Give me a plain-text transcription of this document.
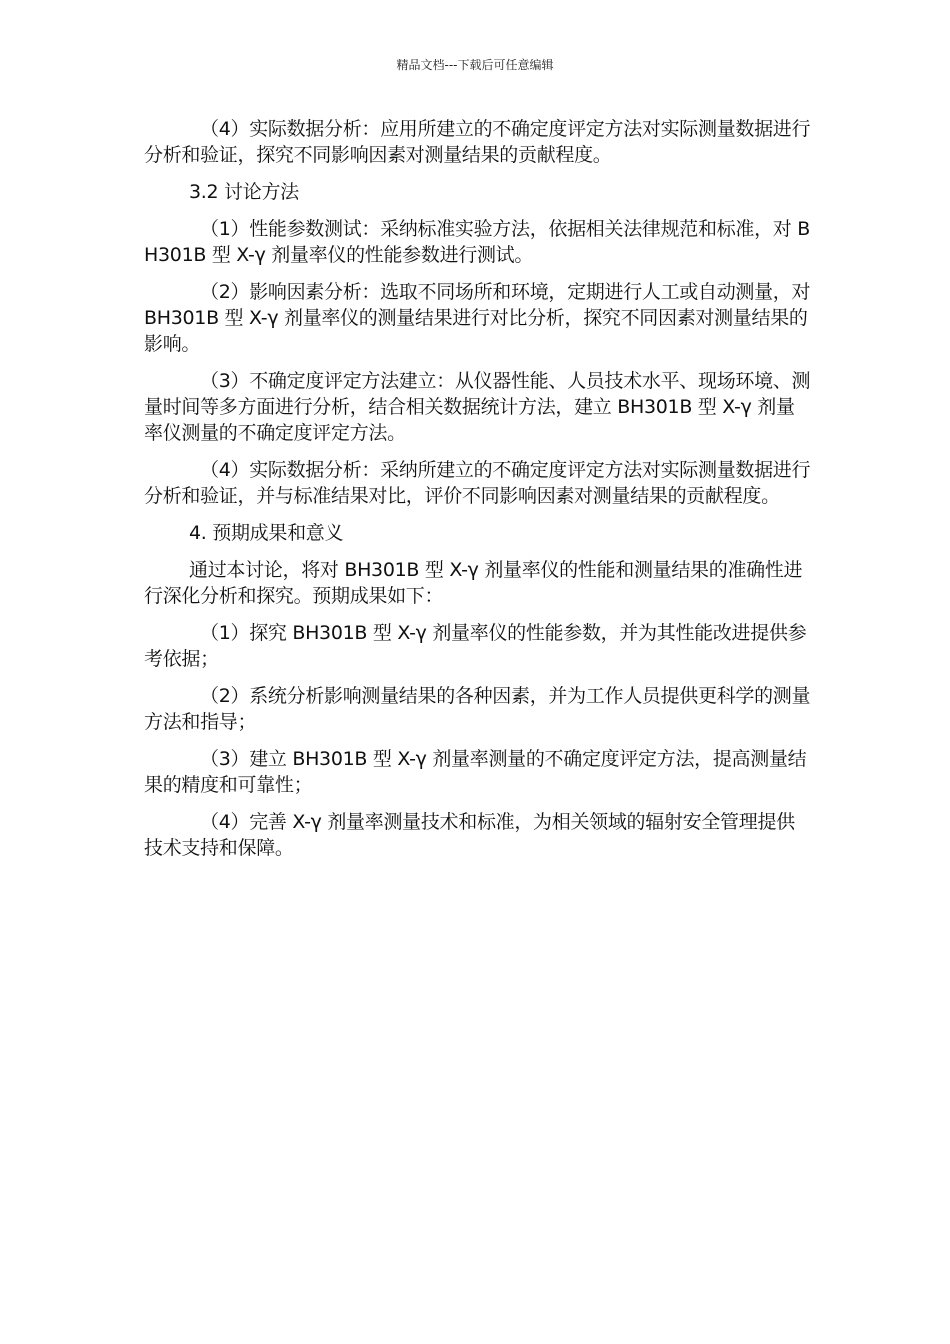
精品文档---下载后可任意编辑

（4）实际数据分析：应用所建立的不确定度评定方法对实际测量数据进行分析和验证，探究不同影响因素对测量结果的贡献程度。

3.2 讨论方法

（1）性能参数测试：采纳标准实验方法，依据相关法律规范和标准，对 BH301B 型 X-γ 剂量率仪的性能参数进行测试。

（2）影响因素分析：选取不同场所和环境，定期进行人工或自动测量，对 BH301B 型 X-γ 剂量率仪的测量结果进行对比分析，探究不同因素对测量结果的影响。

（3）不确定度评定方法建立：从仪器性能、人员技术水平、现场环境、测量时间等多方面进行分析，结合相关数据统计方法，建立 BH301B 型 X-γ 剂量率仪测量的不确定度评定方法。

（4）实际数据分析：采纳所建立的不确定度评定方法对实际测量数据进行分析和验证，并与标准结果对比，评价不同影响因素对测量结果的贡献程度。

4. 预期成果和意义

通过本讨论，将对 BH301B 型 X-γ 剂量率仪的性能和测量结果的准确性进行深化分析和探究。预期成果如下：

（1）探究 BH301B 型 X-γ 剂量率仪的性能参数，并为其性能改进提供参考依据；

（2）系统分析影响测量结果的各种因素，并为工作人员提供更科学的测量方法和指导；

（3）建立 BH301B 型 X-γ 剂量率测量的不确定度评定方法，提高测量结果的精度和可靠性；

（4）完善 X-γ 剂量率测量技术和标准，为相关领域的辐射安全管理提供技术支持和保障。
